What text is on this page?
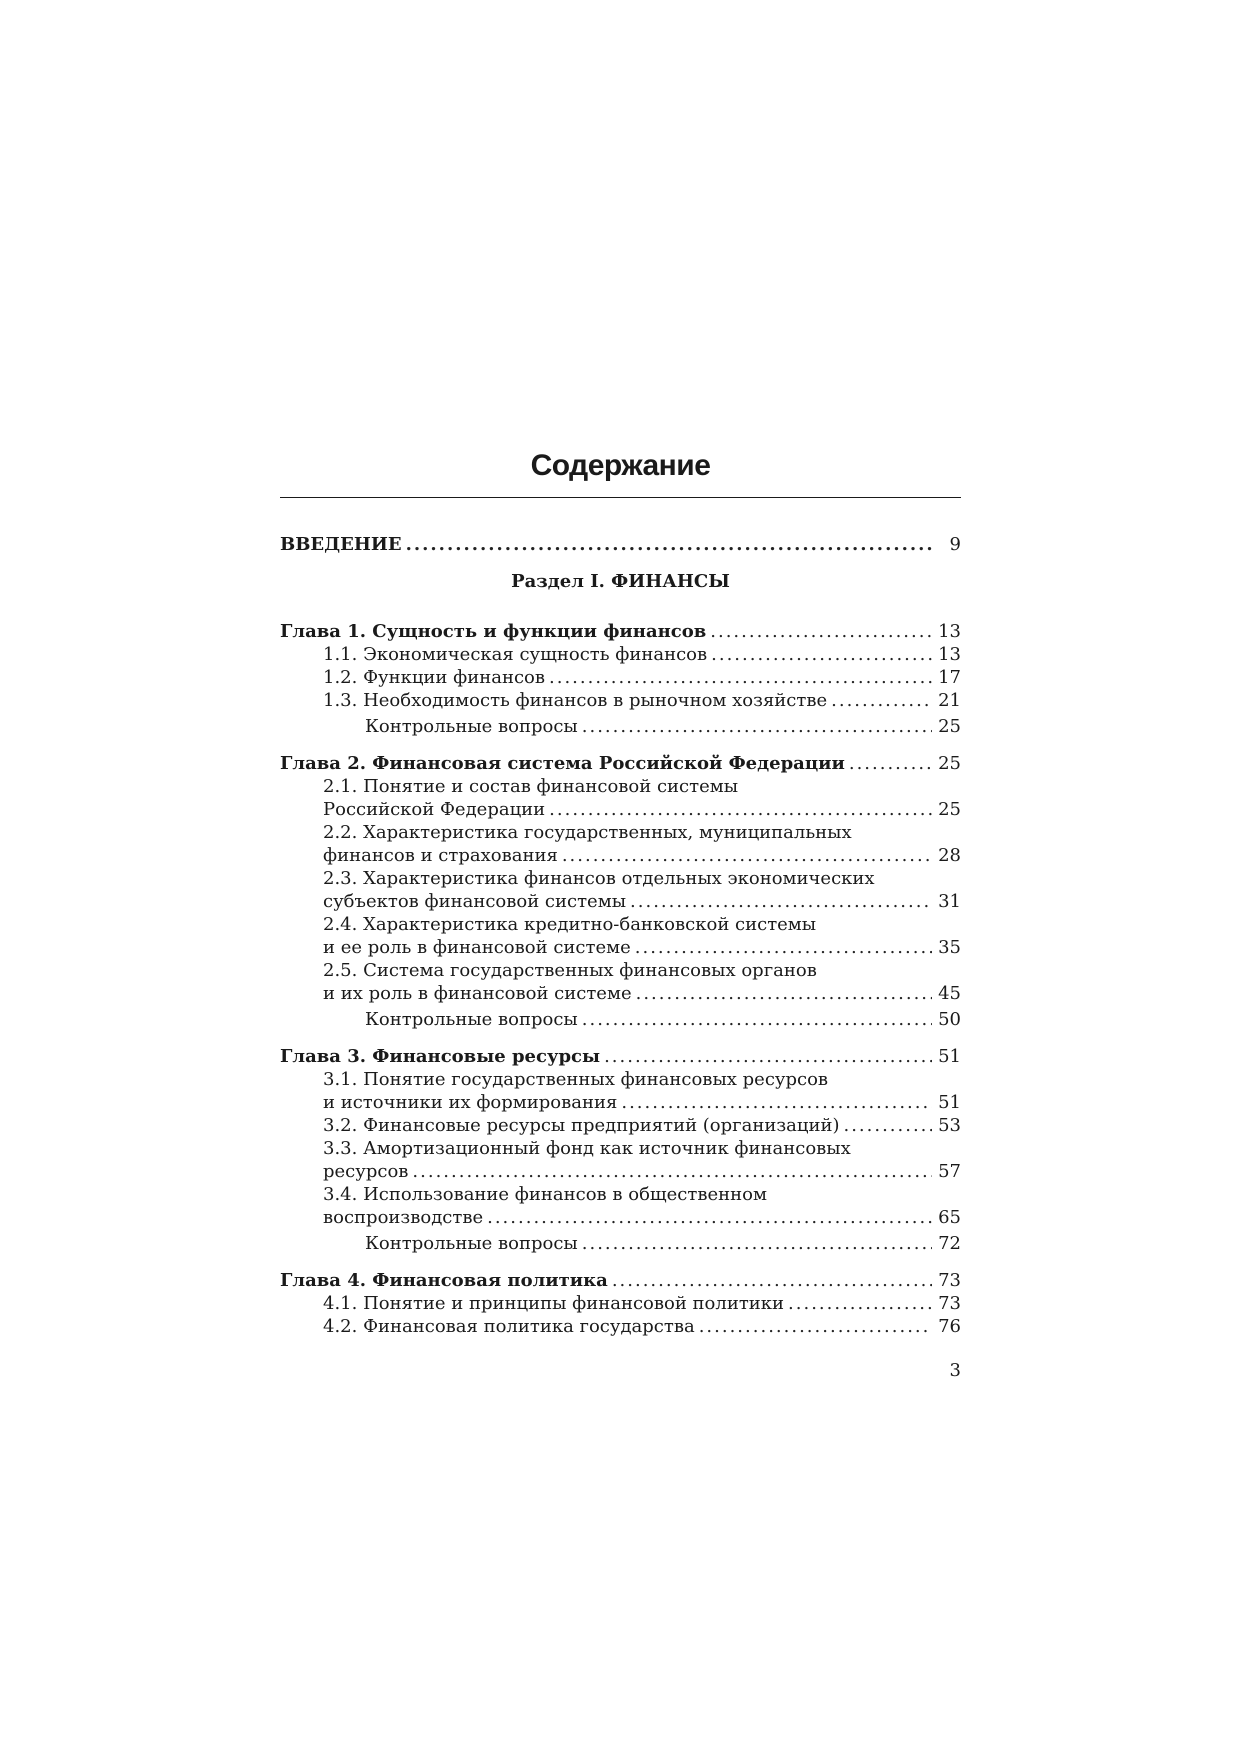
Содержание
ВВЕДЕНИЕ .....	9
Раздел I. ФИНАНСЫ
Глава 1. Сущность и функции финансов .....	13
1.1. Экономическая сущность финансов .....	13
1.2. Функции финансов .....	17
1.3. Необходимость финансов в рыночном хозяйстве .....	21
Контрольные вопросы .....	25
Глава 2. Финансовая система Российской Федерации .....	25
2.1. Понятие и состав финансовой системы
Российской Федерации .....	25
2.2. Характеристика государственных, муниципальных
финансов и страхования .....	28
2.3. Характеристика финансов отдельных экономических
субъектов финансовой системы .....	31
2.4. Характеристика кредитно-банковской системы
и ее роль в финансовой системе .....	35
2.5. Система государственных финансовых органов
и их роль в финансовой системе .....	45
Контрольные вопросы .....	50
Глава 3. Финансовые ресурсы .....	51
3.1. Понятие государственных финансовых ресурсов
и источники их формирования .....	51
3.2. Финансовые ресурсы предприятий (организаций) .....	53
3.3. Амортизационный фонд как источник финансовых
ресурсов .....	57
3.4. Использование финансов в общественном
воспроизводстве .....	65
Контрольные вопросы .....	72
Глава 4. Финансовая политика .....	73
4.1. Понятие и принципы финансовой политики .....	73
4.2. Финансовая политика государства .....	76
3
